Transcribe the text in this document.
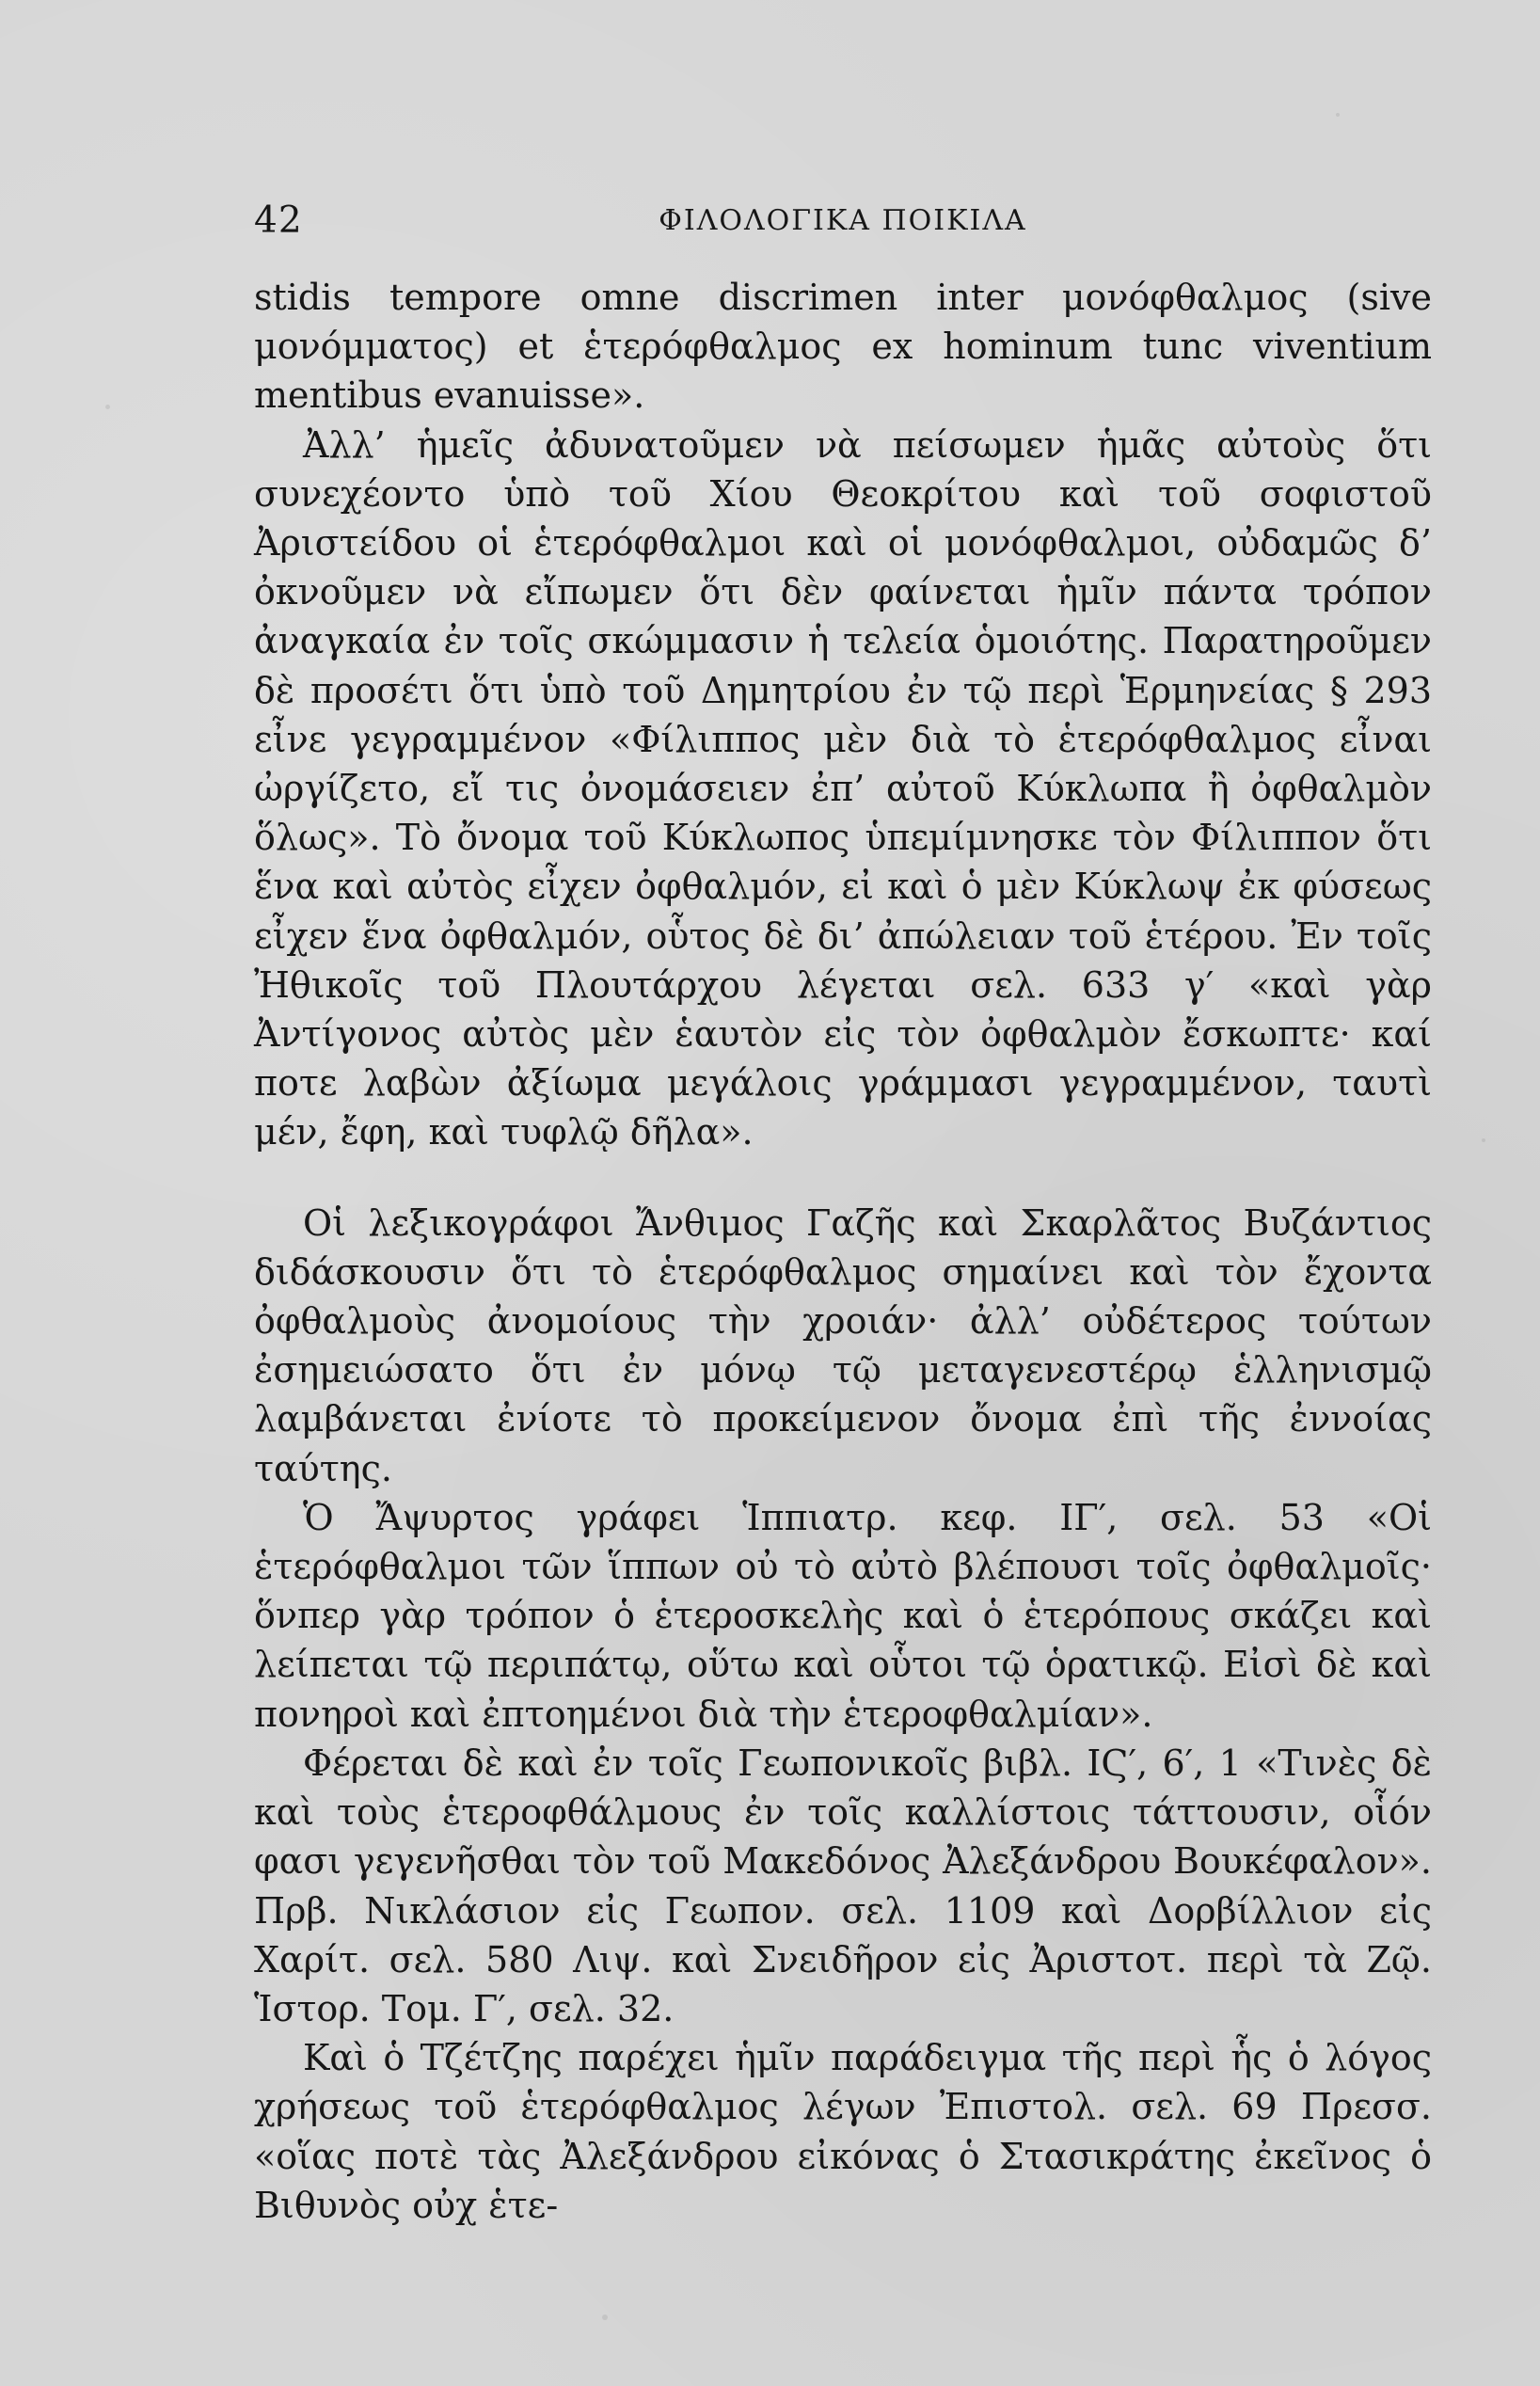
42	ΦΙΛΟΛΟΓΙΚΑ ΠΟΙΚΙΛΑ

stidis tempore omne discrimen inter μονόφθαλμος (sive μονόμματος) et ἑτερόφθαλμος ex hominum tunc viventium mentibus evanuisse».

Ἀλλ’ ἡμεῖς ἀδυνατοῦμεν νὰ πείσωμεν ἡμᾶς αὐτοὺς ὅτι συνεχέοντο ὑπὸ τοῦ Χίου Θεοκρίτου καὶ τοῦ σοφιστοῦ Ἀριστείδου οἱ ἑτερόφθαλμοι καὶ οἱ μονόφθαλμοι, οὐδαμῶς δ’ ὀκνοῦμεν νὰ εἴπωμεν ὅτι δὲν φαίνεται ἡμῖν πάντα τρόπον ἀναγκαία ἐν τοῖς σκώμμασιν ἡ τελεία ὁμοιότης. Παρατηροῦμεν δὲ προσέτι ὅτι ὑπὸ τοῦ Δημητρίου ἐν τῷ περὶ Ἑρμηνείας § 293 εἶνε γεγραμμένον «Φίλιππος μὲν διὰ τὸ ἑτερόφθαλμος εἶναι ὠργίζετο, εἴ τις ὀνομάσειεν ἐπ’ αὐτοῦ Κύκλωπα ἢ ὀφθαλμὸν ὅλως». Τὸ ὄνομα τοῦ Κύκλωπος ὑπεμίμνησκε τὸν Φίλιππον ὅτι ἕνα καὶ αὐτὸς εἶχεν ὀφθαλμόν, εἰ καὶ ὁ μὲν Κύκλωψ ἐκ φύσεως εἶχεν ἕνα ὀφθαλμόν, οὗτος δὲ δι’ ἀπώλειαν τοῦ ἑτέρου. Ἐν τοῖς Ἠθικοῖς τοῦ Πλουτάρχου λέγεται σελ. 633 γ′ «καὶ γὰρ Ἀντίγονος αὐτὸς μὲν ἑαυτὸν εἰς τὸν ὀφθαλμὸν ἔσκωπτε· καί ποτε λαβὼν ἀξίωμα μεγάλοις γράμμασι γεγραμμένον, ταυτὶ μέν, ἔφη, καὶ τυφλῷ δῆλα».

Οἱ λεξικογράφοι Ἄνθιμος Γαζῆς καὶ Σκαρλᾶτος Βυζάντιος διδάσκουσιν ὅτι τὸ ἑτερόφθαλμος σημαίνει καὶ τὸν ἔχοντα ὀφθαλμοὺς ἀνομοίους τὴν χροιάν· ἀλλ’ οὐδέτερος τούτων ἐσημειώσατο ὅτι ἐν μόνῳ τῷ μεταγενεστέρῳ ἑλληνισμῷ λαμβάνεται ἐνίοτε τὸ προκείμενον ὄνομα ἐπὶ τῆς ἐννοίας ταύτης.

Ὁ Ἄψυρτος γράφει Ἱππιατρ. κεφ. ΙΓ′, σελ. 53 «Οἱ ἑτερόφθαλμοι τῶν ἵππων οὐ τὸ αὐτὸ βλέπουσι τοῖς ὀφθαλμοῖς· ὅνπερ γὰρ τρόπον ὁ ἑτεροσκελὴς καὶ ὁ ἑτερόπους σκάζει καὶ λείπεται τῷ περιπάτῳ, οὕτω καὶ οὗτοι τῷ ὁρατικῷ. Εἰσὶ δὲ καὶ πονηροὶ καὶ ἐπτοημένοι διὰ τὴν ἑτεροφθαλμίαν».

Φέρεται δὲ καὶ ἐν τοῖς Γεωπονικοῖς βιβλ. ΙϚ′, 6′, 1 «Τινὲς δὲ καὶ τοὺς ἑτεροφθάλμους ἐν τοῖς καλλίστοις τάττουσιν, οἷόν φασι γεγενῆσθαι τὸν τοῦ Μακεδόνος Ἀλεξάνδρου Βουκέφαλον». Πρβ. Νικλάσιον εἰς Γεωπον. σελ. 1109 καὶ Δορβίλλιον εἰς Χαρίτ. σελ. 580 Λιψ. καὶ Σνειδῆρον εἰς Ἀριστοτ. περὶ τὰ Ζῷ. Ἱστορ. Τομ. Γ′, σελ. 32.

Καὶ ὁ Τζέτζης παρέχει ἡμῖν παράδειγμα τῆς περὶ ἧς ὁ λόγος χρήσεως τοῦ ἑτερόφθαλμος λέγων Ἐπιστολ. σελ. 69 Πρεσσ. «οἵας ποτὲ τὰς Ἀλεξάνδρου εἰκόνας ὁ Στασικράτης ἐκεῖνος ὁ Βιθυνὸς οὐχ ἑτε-
